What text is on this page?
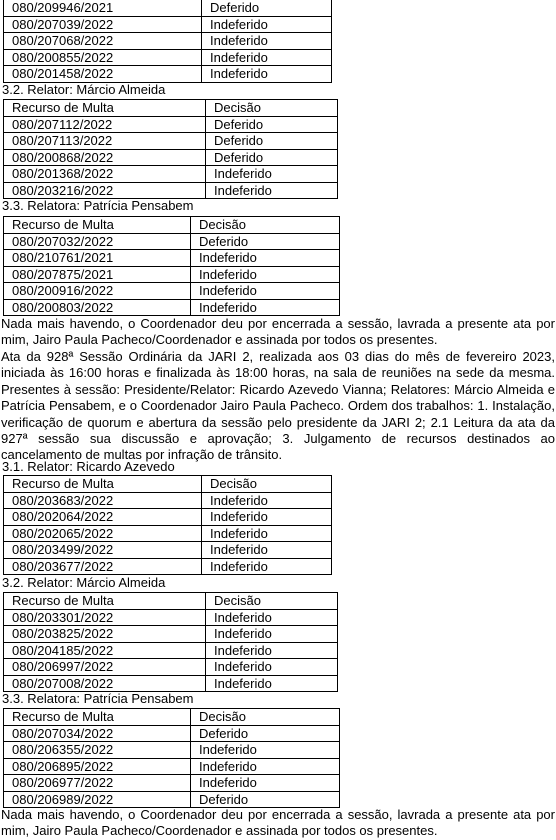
080/209946/2021	Deferido
080/207039/2022	Indeferido
080/207068/2022	Indeferido
080/200855/2022	Indeferido
080/201458/2022	Indeferido
3.2. Relator: Márcio Almeida
Recurso de Multa	Decisão
080/207112/2022	Deferido
080/207113/2022	Deferido
080/200868/2022	Deferido
080/201368/2022	Indeferido
080/203216/2022	Indeferido
3.3. Relatora: Patrícia Pensabem
Recurso de Multa	Decisão
080/207032/2022	Deferido
080/210761/2021	Indeferido
080/207875/2021	Indeferido
080/200916/2022	Indeferido
080/200803/2022	Indeferido

Nada mais havendo, o Coordenador deu por encerrada a sessão, lavrada a presente ata por mim, Jairo Paula Pacheco/Coordenador e assinada por todos os presentes.

Ata da 928ª Sessão Ordinária da JARI 2, realizada aos 03 dias do mês de fevereiro 2023, iniciada às 16:00 horas e finalizada às 18:00 horas, na sala de reuniões na sede da mesma. Presentes à sessão: Presidente/Relator: Ricardo Azevedo Vianna; Relatores: Márcio Almeida e Patrícia Pensabem, e o Coordenador Jairo Paula Pacheco. Ordem dos trabalhos: 1. Instalação, verificação de quorum e abertura da sessão pelo presidente da JARI 2; 2.1 Leitura da ata da 927ª sessão sua discussão e aprovação; 3. Julgamento de recursos destinados ao cancelamento de multas por infração de trânsito.

3.1. Relator: Ricardo Azevedo
Recurso de Multa	Decisão
080/203683/2022	Indeferido
080/202064/2022	Indeferido
080/202065/2022	Indeferido
080/203499/2022	Indeferido
080/203677/2022	Indeferido
3.2. Relator: Márcio Almeida
Recurso de Multa	Decisão
080/203301/2022	Indeferido
080/203825/2022	Indeferido
080/204185/2022	Indeferido
080/206997/2022	Indeferido
080/207008/2022	Indeferido
3.3. Relatora: Patrícia Pensabem
Recurso de Multa	Decisão
080/207034/2022	Deferido
080/206355/2022	Indeferido
080/206895/2022	Indeferido
080/206977/2022	Indeferido
080/206989/2022	Deferido

Nada mais havendo, o Coordenador deu por encerrada a sessão, lavrada a presente ata por mim, Jairo Paula Pacheco/Coordenador e assinada por todos os presentes.
